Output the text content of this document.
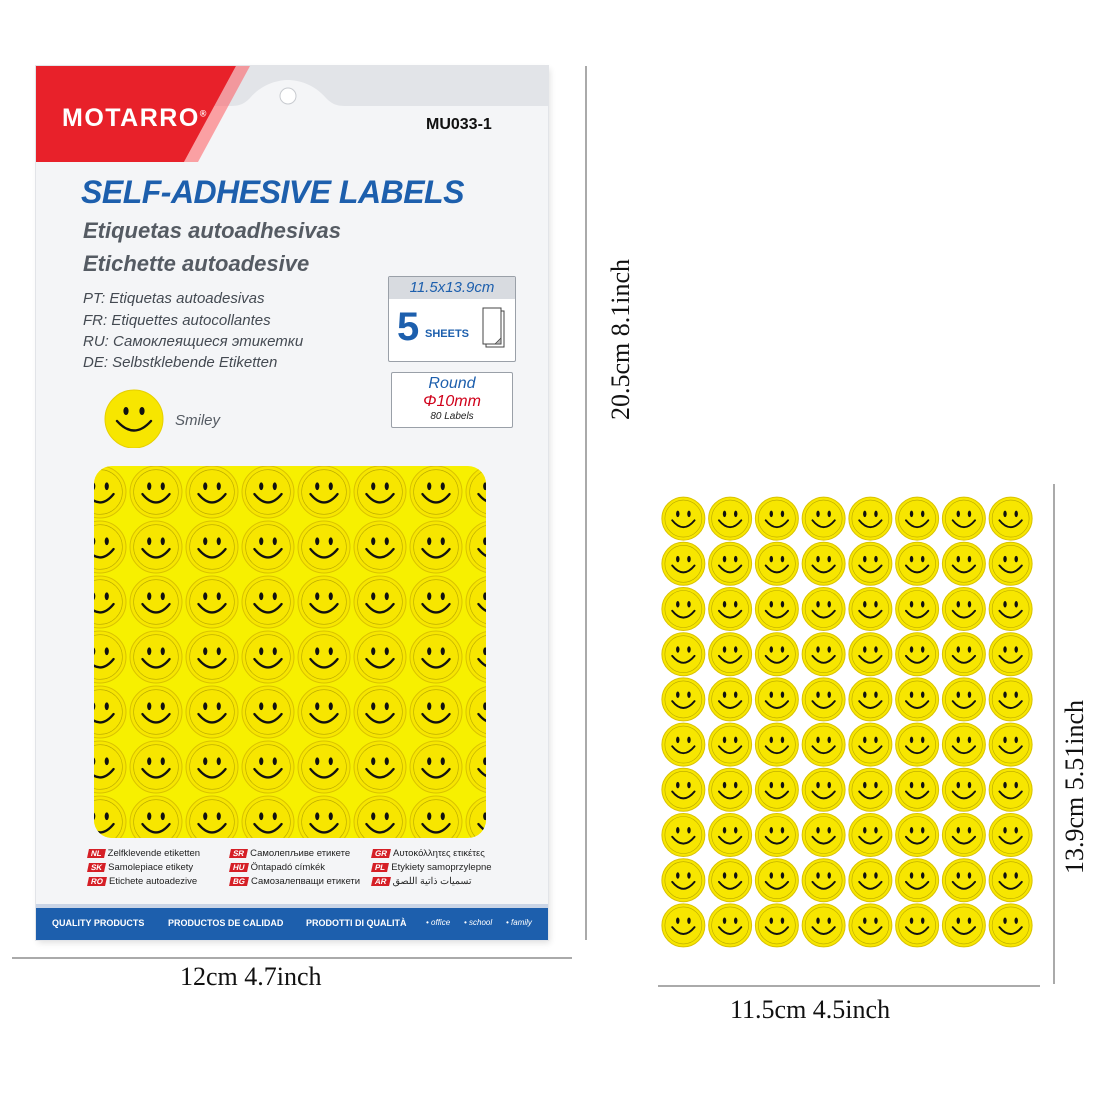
MOTARRO®
MU033-1
SELF-ADHESIVE LABELS
Etiquetas autoadhesivas
Etichette autoadesive
PT: Etiquetas autoadesivas
FR: Etiquettes autocollantes
RU: Самоклеящиеся этикетки
DE: Selbstklebende Etiketten
11.5x13.9cm
5 SHEETS
Round
Φ10mm
80 Labels
Smiley
NL Zelfklevende etiketten	SR Самолепљиве етикете	GR Αυτοκόλλητες ετικέτες
SK Samolepiace etikety	HU Öntapadó címkék	PL Etykiety samoprzylepne
RO Etichete autoadezive	BG Самозалепващи етикети	AR تسميات ذاتية اللصق
QUALITY PRODUCTS	PRODUCTOS DE CALIDAD	PRODOTTI DI QUALITÀ • office • school • family
12cm 4.7inch
20.5cm 8.1inch
11.5cm 4.5inch
13.9cm 5.51inch
